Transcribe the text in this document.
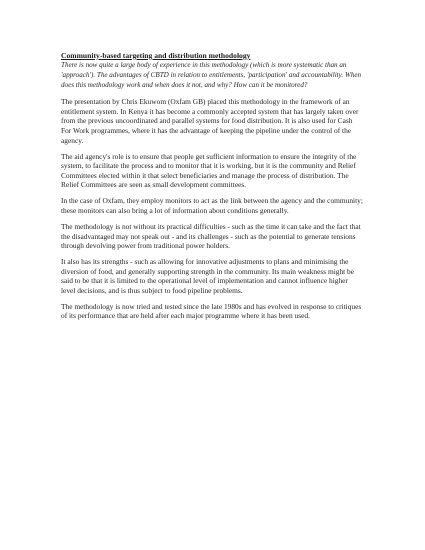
Community-based targeting and distribution methodology

There is now quite a large body of experience in this methodology (which is more systematic than an 'approach'). The advantages of CBTD in relation to entitlements, 'participation' and accountability. When does this methodology work and when does it not, and why? How can it be monitored?

The presentation by Chris Ekuwom (Oxfam GB) placed this methodology in the framework of an entitlement system. In Kenya it has become a commonly accepted system that has largely taken over from the previous uncoordinated and parallel systems for food distribution. It is also used for Cash For Work programmes, where it has the advantage of keeping the pipeline under the control of the agency.

The aid agency's role is to ensure that people get sufficient information to ensure the integrity of the system, to facilitate the process and to monitor that it is working, but it is the community and Relief Committees elected within it that select beneficiaries and manage the process of distribution. The Relief Committees are seen as small development committees.

In the case of Oxfam, they employ monitors to act as the link between the agency and the community; these monitors can also bring a lot of information about conditions generally.

The methodology is not without its practical difficulties - such as the time it can take and the fact that the disadvantaged may not speak out - and its challenges - such as the potential to generate tensions through devolving power from traditional power holders.

It also has its strengths - such as allowing for innovative adjustments to plans and minimising the diversion of food, and generally supporting strength in the community. Its main weakness might be said to be that it is limited to the operational level of implementation and cannot influence higher level decisions, and is thus subject to food pipeline problems.

The methodology is now tried and tested since the late 1980s and has evolved in response to critiques of its performance that are held after each major programme where it has been used.
